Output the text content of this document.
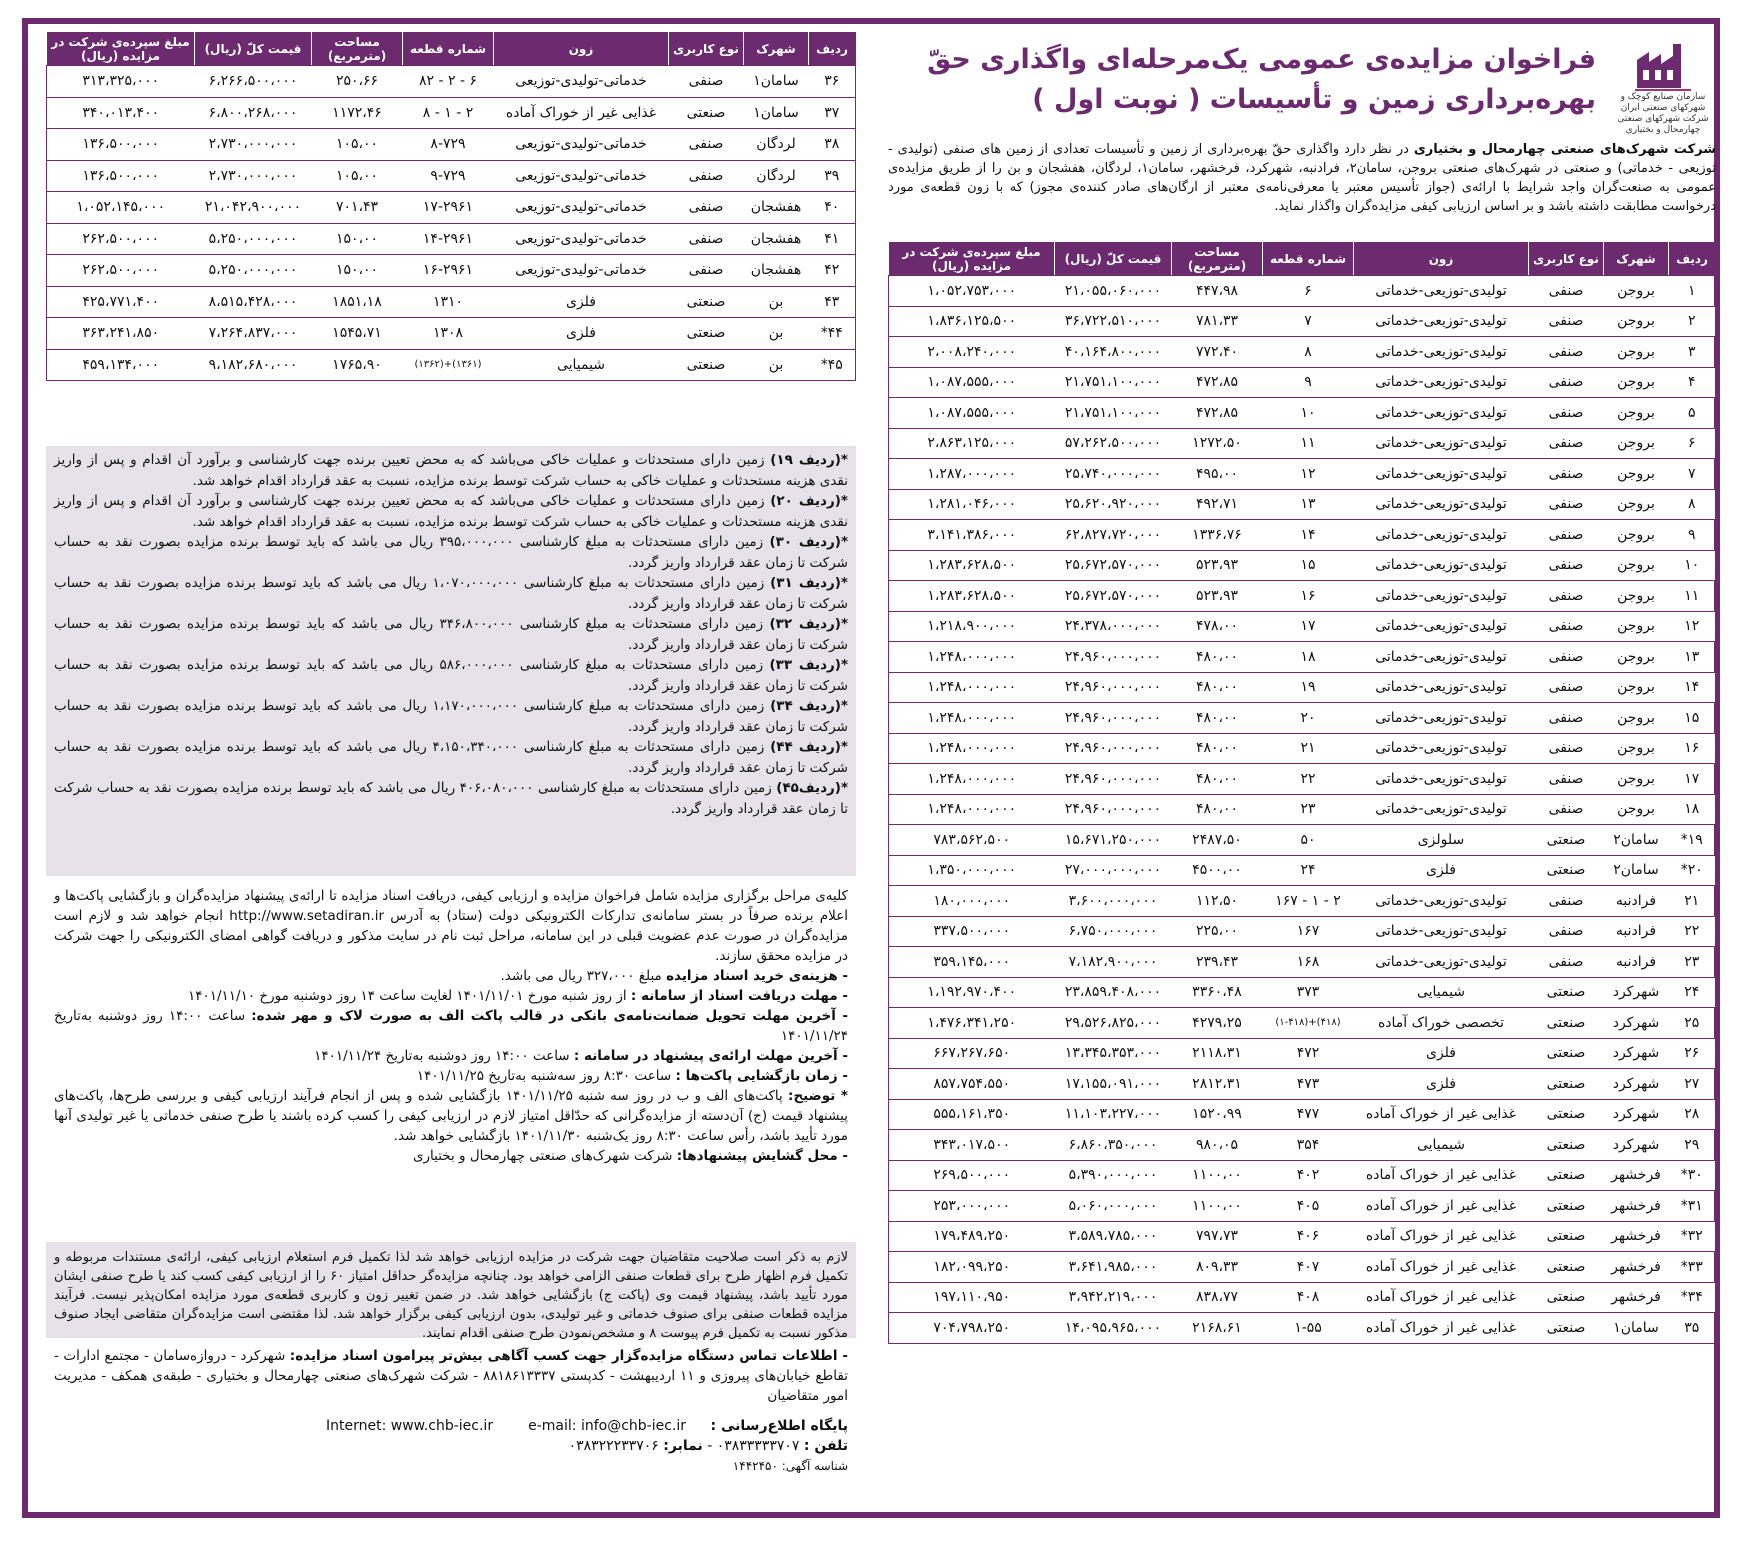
سازمان صنایع کوچک و شهرکهای صنعتی ایران
شرکت شهرکهای صنعتی
چهارمحال و بختیاری
فراخوان مزایده‌ی عمومی یک‌مرحله‌ای واگذاری حقّ
بهره‌برداری زمین و تأسیسات ( نوبت اول )
شرکت شهرک‌های صنعتی چهارمحال و بختیاری در نظر دارد واگذاری حقّ بهره‌برداری از زمین و تأسیسات تعدادی از زمین های صنفی (تولیدی - توزیعی - خدماتی) و صنعتی در شهرک‌های صنعتی بروجن، سامان۲، فرادنبه، شهرکرد، فرخشهر، سامان۱، لردگان، هفشجان و بن را از طریق مزایده‌ی عمومی به صنعت‌گران واجد شرایط با ارائه‌ی (جواز تأسیس معتبر یا معرفی‌نامه‌ی معتبر از ارگان‌های صادر کننده‌ی مجوز) که با زون قطعه‌ی مورد درخواست مطابقت داشته باشد و بر اساس ارزیابی کیفی مزایده‌گران واگذار نماید.
ردیف	شهرک	نوع کاربری	زون	شماره قطعه	مساحت (مترمربع)	قیمت کلّ (ریال)	مبلغ سپرده‌ی شرکت در مزایده (ریال)
۱	بروجن	صنفی	تولیدی-توزیعی-خدماتی	۶	۴۴۷،۹۸	۲۱،۰۵۵،۰۶۰،۰۰۰	۱،۰۵۲،۷۵۳،۰۰۰
۲	بروجن	صنفی	تولیدی-توزیعی-خدماتی	۷	۷۸۱،۳۳	۳۶،۷۲۲،۵۱۰،۰۰۰	۱،۸۳۶،۱۲۵،۵۰۰
۳	بروجن	صنفی	تولیدی-توزیعی-خدماتی	۸	۷۷۲،۴۰	۴۰،۱۶۴،۸۰۰،۰۰۰	۲،۰۰۸،۲۴۰،۰۰۰
۴	بروجن	صنفی	تولیدی-توزیعی-خدماتی	۹	۴۷۲،۸۵	۲۱،۷۵۱،۱۰۰،۰۰۰	۱،۰۸۷،۵۵۵،۰۰۰
۵	بروجن	صنفی	تولیدی-توزیعی-خدماتی	۱۰	۴۷۲،۸۵	۲۱،۷۵۱،۱۰۰،۰۰۰	۱،۰۸۷،۵۵۵،۰۰۰
۶	بروجن	صنفی	تولیدی-توزیعی-خدماتی	۱۱	۱۲۷۲،۵۰	۵۷،۲۶۲،۵۰۰،۰۰۰	۲،۸۶۳،۱۲۵،۰۰۰
۷	بروجن	صنفی	تولیدی-توزیعی-خدماتی	۱۲	۴۹۵،۰۰	۲۵،۷۴۰،۰۰۰،۰۰۰	۱،۲۸۷،۰۰۰،۰۰۰
۸	بروجن	صنفی	تولیدی-توزیعی-خدماتی	۱۳	۴۹۲،۷۱	۲۵،۶۲۰،۹۲۰،۰۰۰	۱،۲۸۱،۰۴۶،۰۰۰
۹	بروجن	صنفی	تولیدی-توزیعی-خدماتی	۱۴	۱۳۳۶،۷۶	۶۲،۸۲۷،۷۲۰،۰۰۰	۳،۱۴۱،۳۸۶،۰۰۰
۱۰	بروجن	صنفی	تولیدی-توزیعی-خدماتی	۱۵	۵۲۳،۹۳	۲۵،۶۷۲،۵۷۰،۰۰۰	۱،۲۸۳،۶۲۸،۵۰۰
۱۱	بروجن	صنفی	تولیدی-توزیعی-خدماتی	۱۶	۵۲۳،۹۳	۲۵،۶۷۲،۵۷۰،۰۰۰	۱،۲۸۳،۶۲۸،۵۰۰
۱۲	بروجن	صنفی	تولیدی-توزیعی-خدماتی	۱۷	۴۷۸،۰۰	۲۴،۳۷۸،۰۰۰،۰۰۰	۱،۲۱۸،۹۰۰،۰۰۰
۱۳	بروجن	صنفی	تولیدی-توزیعی-خدماتی	۱۸	۴۸۰،۰۰	۲۴،۹۶۰،۰۰۰،۰۰۰	۱،۲۴۸،۰۰۰،۰۰۰
۱۴	بروجن	صنفی	تولیدی-توزیعی-خدماتی	۱۹	۴۸۰،۰۰	۲۴،۹۶۰،۰۰۰،۰۰۰	۱،۲۴۸،۰۰۰،۰۰۰
۱۵	بروجن	صنفی	تولیدی-توزیعی-خدماتی	۲۰	۴۸۰،۰۰	۲۴،۹۶۰،۰۰۰،۰۰۰	۱،۲۴۸،۰۰۰،۰۰۰
۱۶	بروجن	صنفی	تولیدی-توزیعی-خدماتی	۲۱	۴۸۰،۰۰	۲۴،۹۶۰،۰۰۰،۰۰۰	۱،۲۴۸،۰۰۰،۰۰۰
۱۷	بروجن	صنفی	تولیدی-توزیعی-خدماتی	۲۲	۴۸۰،۰۰	۲۴،۹۶۰،۰۰۰،۰۰۰	۱،۲۴۸،۰۰۰،۰۰۰
۱۸	بروجن	صنفی	تولیدی-توزیعی-خدماتی	۲۳	۴۸۰،۰۰	۲۴،۹۶۰،۰۰۰،۰۰۰	۱،۲۴۸،۰۰۰،۰۰۰
۱۹*	سامان۲	صنعتی	سلولزی	۵۰	۲۴۸۷،۵۰	۱۵،۶۷۱،۲۵۰،۰۰۰	۷۸۳،۵۶۲،۵۰۰
۲۰*	سامان۲	صنعتی	فلزی	۲۴	۴۵۰۰،۰۰	۲۷،۰۰۰،۰۰۰،۰۰۰	۱،۳۵۰،۰۰۰،۰۰۰
۲۱	فرادنبه	صنفی	تولیدی-توزیعی-خدماتی	۲ - ۱ - ۱۶۷	۱۱۲،۵۰	۳،۶۰۰،۰۰۰،۰۰۰	۱۸۰،۰۰۰،۰۰۰
۲۲	فرادنبه	صنفی	تولیدی-توزیعی-خدماتی	۱۶۷	۲۲۵،۰۰	۶،۷۵۰،۰۰۰،۰۰۰	۳۳۷،۵۰۰،۰۰۰
۲۳	فرادنبه	صنفی	تولیدی-توزیعی-خدماتی	۱۶۸	۲۳۹،۴۳	۷،۱۸۲،۹۰۰،۰۰۰	۳۵۹،۱۴۵،۰۰۰
۲۴	شهرکرد	صنعتی	شیمیایی	۳۷۳	۳۳۶۰،۴۸	۲۳،۸۵۹،۴۰۸،۰۰۰	۱،۱۹۲،۹۷۰،۴۰۰
۲۵	شهرکرد	صنعتی	تخصصی خوراک آماده	(۴۱۸)+(۱-۴۱۸)	۴۲۷۹،۲۵	۲۹،۵۲۶،۸۲۵،۰۰۰	۱،۴۷۶،۳۴۱،۲۵۰
۲۶	شهرکرد	صنعتی	فلزی	۴۷۲	۲۱۱۸،۳۱	۱۳،۳۴۵،۳۵۳،۰۰۰	۶۶۷،۲۶۷،۶۵۰
۲۷	شهرکرد	صنعتی	فلزی	۴۷۳	۲۸۱۲،۳۱	۱۷،۱۵۵،۰۹۱،۰۰۰	۸۵۷،۷۵۴،۵۵۰
۲۸	شهرکرد	صنعتی	غذایی غیر از خوراک آماده	۴۷۷	۱۵۲۰،۹۹	۱۱،۱۰۳،۲۲۷،۰۰۰	۵۵۵،۱۶۱،۳۵۰
۲۹	شهرکرد	صنعتی	شیمیایی	۳۵۴	۹۸۰،۰۵	۶،۸۶۰،۳۵۰،۰۰۰	۳۴۳،۰۱۷،۵۰۰
۳۰*	فرخشهر	صنعتی	غذایی غیر از خوراک آماده	۴۰۲	۱۱۰۰،۰۰	۵،۳۹۰،۰۰۰،۰۰۰	۲۶۹،۵۰۰،۰۰۰
۳۱*	فرخشهر	صنعتی	غذایی غیر از خوراک آماده	۴۰۵	۱۱۰۰،۰۰	۵،۰۶۰،۰۰۰،۰۰۰	۲۵۳،۰۰۰،۰۰۰
۳۲*	فرخشهر	صنعتی	غذایی غیر از خوراک آماده	۴۰۶	۷۹۷،۷۳	۳،۵۸۹،۷۸۵،۰۰۰	۱۷۹،۴۸۹،۲۵۰
۳۳*	فرخشهر	صنعتی	غذایی غیر از خوراک آماده	۴۰۷	۸۰۹،۳۳	۳،۶۴۱،۹۸۵،۰۰۰	۱۸۲،۰۹۹،۲۵۰
۳۴*	فرخشهر	صنعتی	غذایی غیر از خوراک آماده	۴۰۸	۸۳۸،۷۷	۳،۹۴۲،۲۱۹،۰۰۰	۱۹۷،۱۱۰،۹۵۰
۳۵	سامان۱	صنعتی	غذایی غیر از خوراک آماده	۱-۵۵	۲۱۶۸،۶۱	۱۴،۰۹۵،۹۶۵،۰۰۰	۷۰۴،۷۹۸،۲۵۰
ردیف	شهرک	نوع کاربری	زون	شماره قطعه	مساحت (مترمربع)	قیمت کلّ (ریال)	مبلغ سپرده‌ی شرکت در مزایده (ریال)
۳۶	سامان۱	صنفی	خدماتی-تولیدی-توزیعی	۶ - ۲ - ۸۲	۲۵۰،۶۶	۶،۲۶۶،۵۰۰،۰۰۰	۳۱۳،۳۲۵،۰۰۰
۳۷	سامان۱	صنعتی	غذایی غیر از خوراک آماده	۲ - ۱ - ۸	۱۱۷۲،۴۶	۶،۸۰۰،۲۶۸،۰۰۰	۳۴۰،۰۱۳،۴۰۰
۳۸	لردگان	صنفی	خدماتی-تولیدی-توزیعی	۸-۷۲۹	۱۰۵،۰۰	۲،۷۳۰،۰۰۰،۰۰۰	۱۳۶،۵۰۰،۰۰۰
۳۹	لردگان	صنفی	خدماتی-تولیدی-توزیعی	۹-۷۲۹	۱۰۵،۰۰	۲،۷۳۰،۰۰۰،۰۰۰	۱۳۶،۵۰۰،۰۰۰
۴۰	هفشجان	صنفی	خدماتی-تولیدی-توزیعی	۱۷-۲۹۶۱	۷۰۱،۴۳	۲۱،۰۴۲،۹۰۰،۰۰۰	۱،۰۵۲،۱۴۵،۰۰۰
۴۱	هفشجان	صنفی	خدماتی-تولیدی-توزیعی	۱۴-۲۹۶۱	۱۵۰،۰۰	۵،۲۵۰،۰۰۰،۰۰۰	۲۶۲،۵۰۰،۰۰۰
۴۲	هفشجان	صنفی	خدماتی-تولیدی-توزیعی	۱۶-۲۹۶۱	۱۵۰،۰۰	۵،۲۵۰،۰۰۰،۰۰۰	۲۶۲،۵۰۰،۰۰۰
۴۳	بن	صنعتی	فلزی	۱۳۱۰	۱۸۵۱،۱۸	۸،۵۱۵،۴۲۸،۰۰۰	۴۲۵،۷۷۱،۴۰۰
۴۴*	بن	صنعتی	فلزی	۱۳۰۸	۱۵۴۵،۷۱	۷،۲۶۴،۸۳۷،۰۰۰	۳۶۳،۲۴۱،۸۵۰
۴۵*	بن	صنعتی	شیمیایی	(۱۳۶۱)+(۱۳۶۲)	۱۷۶۵،۹۰	۹،۱۸۲،۶۸۰،۰۰۰	۴۵۹،۱۳۴،۰۰۰
*(ردیف ۱۹) زمین دارای مستحدثات و عملیات خاکی می‌باشد که به محض تعیین برنده جهت کارشناسی و برآورد آن اقدام و پس از واریز نقدی هزینه مستحدثات و عملیات خاکی به حساب شرکت توسط برنده مزایده، نسبت به عقد قرارداد اقدام خواهد شد.
*(ردیف ۲۰) زمین دارای مستحدثات و عملیات خاکی می‌باشد که به محض تعیین برنده جهت کارشناسی و برآورد آن اقدام و پس از واریز نقدی هزینه مستحدثات و عملیات خاکی به حساب شرکت توسط برنده مزایده، نسبت به عقد قرارداد اقدام خواهد شد.
*(ردیف ۳۰) زمین دارای مستحدثات به مبلغ کارشناسی ۳۹۵،۰۰۰،۰۰۰ ریال می باشد که باید توسط برنده مزایده بصورت نقد به حساب شرکت تا زمان عقد قرارداد واریز گردد.
*(ردیف ۳۱) زمین دارای مستحدثات به مبلغ کارشناسی ۱،۰۷۰،۰۰۰،۰۰۰ ریال می باشد که باید توسط برنده مزایده بصورت نقد به حساب شرکت تا زمان عقد قرارداد واریز گردد.
*(ردیف ۳۲) زمین دارای مستحدثات به مبلغ کارشناسی ۳۴۶،۸۰۰،۰۰۰ ریال می باشد که باید توسط برنده مزایده بصورت نقد به حساب شرکت تا زمان عقد قرارداد واریز گردد.
*(ردیف ۳۳) زمین دارای مستحدثات به مبلغ کارشناسی ۵۸۶،۰۰۰،۰۰۰ ریال می باشد که باید توسط برنده مزایده بصورت نقد به حساب شرکت تا زمان عقد قرارداد واریز گردد.
*(ردیف ۳۴) زمین دارای مستحدثات به مبلغ کارشناسی ۱،۱۷۰،۰۰۰،۰۰۰ ریال می باشد که باید توسط برنده مزایده بصورت نقد به حساب شرکت تا زمان عقد قرارداد واریز گردد.
*(ردیف ۴۴) زمین دارای مستحدثات به مبلغ کارشناسی ۴،۱۵۰،۳۴۰،۰۰۰ ریال می باشد که باید توسط برنده مزایده بصورت نقد به حساب شرکت تا زمان عقد قرارداد واریز گردد.
*(ردیف۴۵) زمین دارای مستحدثات به مبلغ کارشناسی ۴۰۶،۰۸۰،۰۰۰ ریال می باشد که باید توسط برنده مزایده بصورت نقد به حساب شرکت تا زمان عقد قرارداد واریز گردد.
کلیه‌ی مراحل برگزاری مزایده شامل فراخوان مزایده و ارزیابی کیفی، دریافت اسناد مزایده تا ارائه‌ی پیشنهاد مزایده‌گران و بازگشایی پاکت‌ها و اعلام برنده صرفاً در بستر سامانه‌ی تدارکات الکترونیکی دولت (ستاد) به آدرس http://www.setadiran.ir انجام خواهد شد و لازم است مزایده‌گران در صورت عدم عضویت قبلی در این سامانه، مراحل ثبت نام در سایت مذکور و دریافت گواهی امضای الکترونیکی را جهت شرکت در مزایده محقق سازند.
- هزینه‌ی خرید اسناد مزایده مبلغ ۳۲۷،۰۰۰ ریال می باشد.
- مهلت دریافت اسناد از سامانه : از روز شنبه مورخ ۱۴۰۱/۱۱/۰۱ لغایت ساعت ۱۴ روز دوشنبه مورخ ۱۴۰۱/۱۱/۱۰
- آخرین مهلت تحویل ضمانت‌نامه‌ی بانکی در قالب پاکت الف به صورت لاک و مهر شده: ساعت ۱۴:۰۰ روز دوشنبه به‌تاریخ ۱۴۰۱/۱۱/۲۴
- آخرین مهلت ارائه‌ی پیشنهاد در سامانه : ساعت ۱۴:۰۰ روز دوشنبه به‌تاریخ ۱۴۰۱/۱۱/۲۴
- زمان بازگشایی پاکت‌ها : ساعت ۸:۳۰ روز سه‌شنبه به‌تاریخ ۱۴۰۱/۱۱/۲۵
* توضیح: پاکت‌های الف و ب در روز سه شنبه ۱۴۰۱/۱۱/۲۵ بازگشایی شده و پس از انجام فرآیند ارزیابی کیفی و بررسی طرح‌ها، پاکت‌های پیشنهاد قیمت (ج) آن‌دسته از مزایده‌گرانی که حدّاقل امتیاز لازم در ارزیابی کیفی را کسب کرده باشند یا طرح صنفی خدماتی یا غیر تولیدی آنها مورد تأیید باشد، رأس ساعت ۸:۳۰ روز یک‌شنبه ۱۴۰۱/۱۱/۳۰ بازگشایی خواهد شد.
- محل گشایش پیشنهادها: شرکت شهرک‌های صنعتی چهارمحال و بختیاری
لازم به ذکر است صلاحیت متقاضیان جهت شرکت در مزایده ارزیابی خواهد شد لذا تکمیل فرم استعلام ارزیابی کیفی، ارائه‌ی مستندات مربوطه و تکمیل فرم اظهار طرح برای قطعات صنفی الزامی خواهد بود. چنانچه مزایده‌گر حداقل امتیاز ۶۰ را از ارزیابی کیفی کسب کند یا طرح صنفی ایشان مورد تأیید باشد، پیشنهاد قیمت وی (پاکت ج) بازگشایی خواهد شد. در ضمن تغییر زون و کاربری قطعه‌ی مورد مزایده امکان‌پذیر نیست. فرآیند مزایده قطعات صنفی برای صنوف خدماتی و غیر تولیدی، بدون ارزیابی کیفی برگزار خواهد شد. لذا مقتضی است مزایده‌گران متقاضی ایجاد صنوف مذکور نسبت به تکمیل فرم پیوست ۸ و مشخص‌نمودن طرح صنفی اقدام نمایند.
- اطلاعات تماس دستگاه مزایده‌گزار جهت کسب آگاهی بیش‌تر پیرامون اسناد مزایده: شهرکرد - دروازه‌سامان - مجتمع ادارات - تقاطع خیابان‌های پیروزی و ۱۱ اردیبهشت - کدپستی ۸۸۱۸۶۱۳۳۳۷ - شرکت شهرک‌های صنعتی چهارمحال و بختیاری - طبقه‌ی همکف - مدیریت امور متقاضیان
پایگاه اطلاع‌رسانی :
تلفن : ۰۳۸۳۳۳۳۳۷۰۷ - نمابر: ۰۳۸۳۲۲۲۳۳۷۰۶
شناسه آگهی: ۱۴۴۲۴۵۰
e-mail: info@chb-iec.ir
Internet: www.chb-iec.ir
